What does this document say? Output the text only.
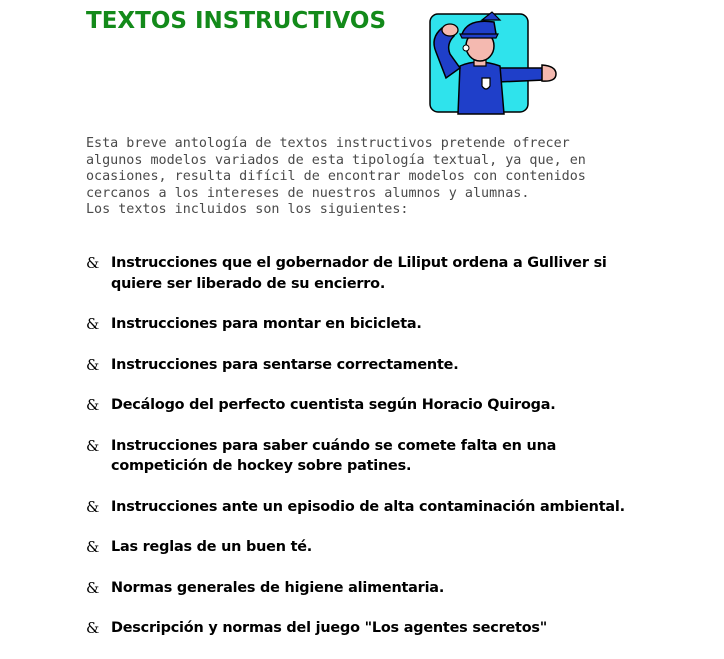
TEXTOS INSTRUCTIVOS

Esta breve antología de textos instructivos pretende ofrecer
algunos modelos variados de esta tipología textual, ya que, en
ocasiones, resulta difícil de encontrar modelos con contenidos
cercanos a los intereses de nuestros alumnos y alumnas.
Los textos incluidos son los siguientes:

& Instrucciones que el gobernador de Liliput ordena a Gulliver si quiere ser liberado de su encierro.
& Instrucciones para montar en bicicleta.
& Instrucciones para sentarse correctamente.
& Decálogo del perfecto cuentista según Horacio Quiroga.
& Instrucciones para saber cuándo se comete falta en una competición de hockey sobre patines.
& Instrucciones ante un episodio de alta contaminación ambiental.
& Las reglas de un buen té.
& Normas generales de higiene alimentaria.
& Descripción y normas del juego "Los agentes secretos"
